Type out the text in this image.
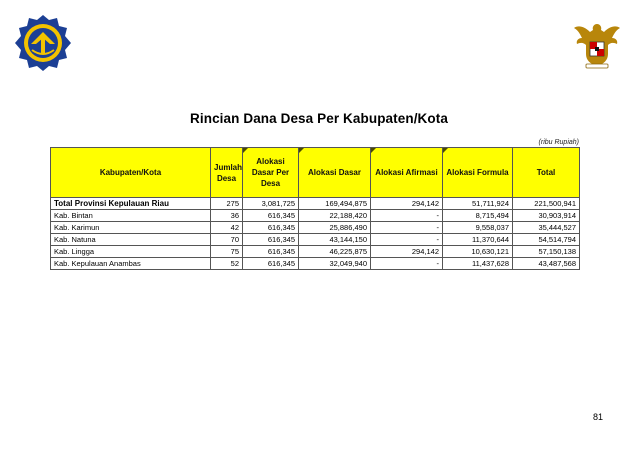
Rincian Dana Desa Per Kabupaten/Kota
(ribu Rupiah)
Kabupaten/Kota	Jumlah Desa	Alokasi Dasar Per Desa	Alokasi Dasar	Alokasi Afirmasi	Alokasi Formula	Total
Total Provinsi Kepulauan Riau	275	3,081,725	169,494,875	294,142	51,711,924	221,500,941
Kab. Bintan	36	616,345	22,188,420	-	8,715,494	30,903,914
Kab. Karimun	42	616,345	25,886,490	-	9,558,037	35,444,527
Kab. Natuna	70	616,345	43,144,150	-	11,370,644	54,514,794
Kab. Lingga	75	616,345	46,225,875	294,142	10,630,121	57,150,138
Kab. Kepulauan Anambas	52	616,345	32,049,940	-	11,437,628	43,487,568
81
